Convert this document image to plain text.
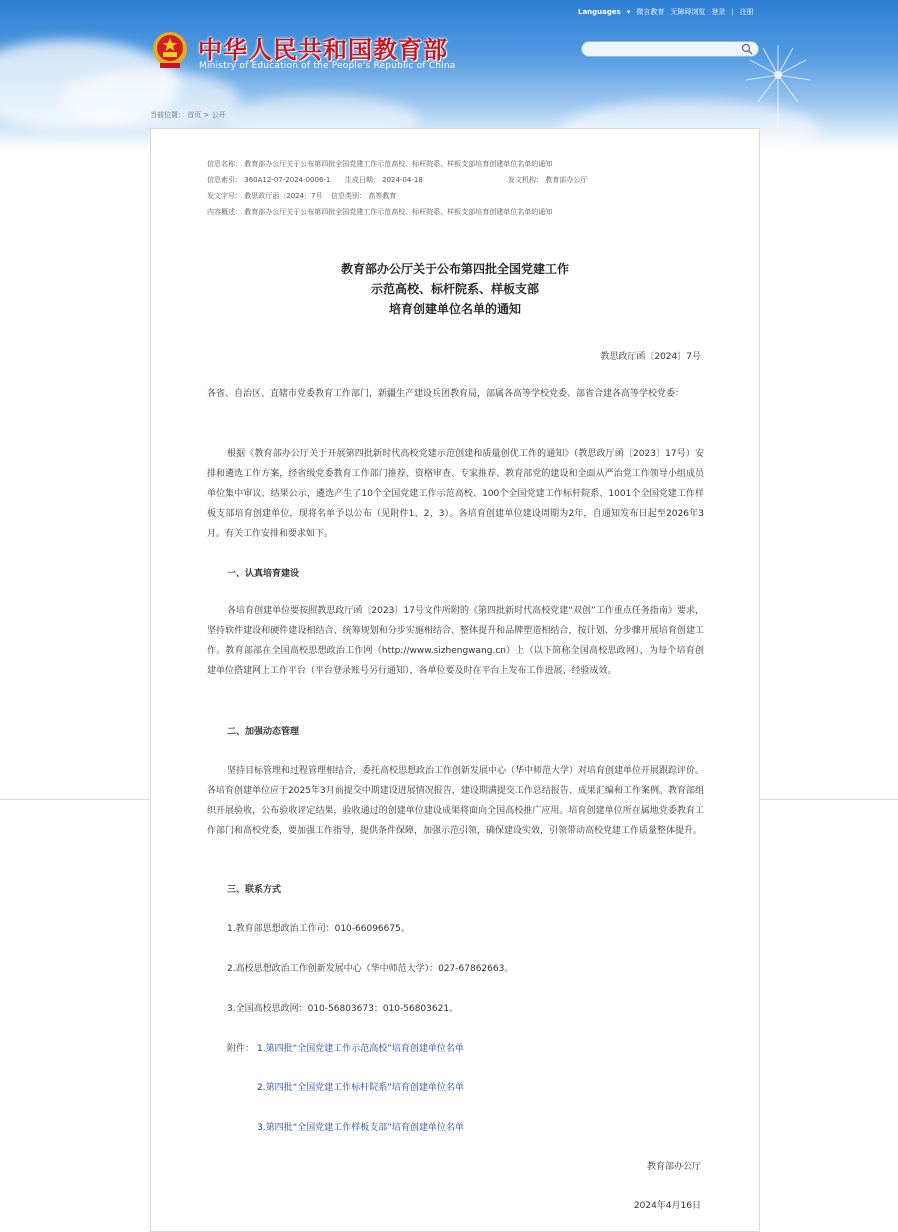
中华人民共和国教育部
Ministry of Education of the People's Republic of China
Languages ▾ 微言教育 无障碍浏览 登录 | 注册
当前位置： 首页 > 公开
信息名称： 教育部办公厅关于公布第四批全国党建工作示范高校、标杆院系、样板支部培育创建单位名单的通知
信息索引： 360A12-07-2024-0006-1 生成日期： 2024-04-18	发文机构： 教育部办公厅
发文字号： 教思政厅函〔2024〕7号 信息类别： 高等教育
内容概述： 教育部办公厅关于公布第四批全国党建工作示范高校、标杆院系、样板支部培育创建单位名单的通知
教育部办公厅关于公布第四批全国党建工作
示范高校、标杆院系、样板支部
培育创建单位名单的通知
教思政厅函〔2024〕7号

各省、自治区、直辖市党委教育工作部门，新疆生产建设兵团教育局，部属各高等学校党委、部省合建各高等学校党委：

根据《教育部办公厅关于开展第四批新时代高校党建示范创建和质量创优工作的通知》（教思政厅函〔2023〕17号）安排和遴选工作方案，经省级党委教育工作部门推荐、资格审查、专家推荐、教育部党的建设和全面从严治党工作领导小组成员单位集中审议、结果公示，遴选产生了10个全国党建工作示范高校、100个全国党建工作标杆院系、1001个全国党建工作样板支部培育创建单位，现将名单予以公布（见附件1、2、3）。各培育创建单位建设周期为2年，自通知发布日起至2026年3月。有关工作安排和要求如下。

一、认真培育建设

各培育创建单位要按照教思政厅函〔2023〕17号文件所附的《第四批新时代高校党建“双创”工作重点任务指南》要求，坚持软件建设和硬件建设相结合、统筹规划和分步实施相结合、整体提升和品牌塑造相结合，按计划、分步骤开展培育创建工作。教育部部在全国高校思想政治工作网（http://www.sizhengwang.cn）上（以下简称全国高校思政网），为每个培育创建单位搭建网上工作平台（平台登录账号另行通知），各单位要及时在平台上发布工作进展、经验成效。

二、加强动态管理

坚持目标管理和过程管理相结合，委托高校思想政治工作创新发展中心（华中师范大学）对培育创建单位开展跟踪评价。各培育创建单位应于2025年3月前提交中期建设进展情况报告，建设期满提交工作总结报告、成果汇编和工作案例。教育部组织开展验收，公布验收评定结果，验收通过的创建单位建设成果将面向全国高校推广应用。培育创建单位所在属地党委教育工作部门和高校党委，要加强工作指导，提供条件保障，加强示范引领，确保建设实效，引领带动高校党建工作质量整体提升。

三、联系方式
1.教育部思想政治工作司：010-66096675。
2.高校思想政治工作创新发展中心（华中师范大学）：027-67862663。
3.全国高校思政网：010-56803673；010-56803621。
附件： 1.第四批“全国党建工作示范高校”培育创建单位名单
2.第四批“全国党建工作标杆院系”培育创建单位名单
3.第四批“全国党建工作样板支部”培育创建单位名单
教育部办公厅
2024年4月16日
